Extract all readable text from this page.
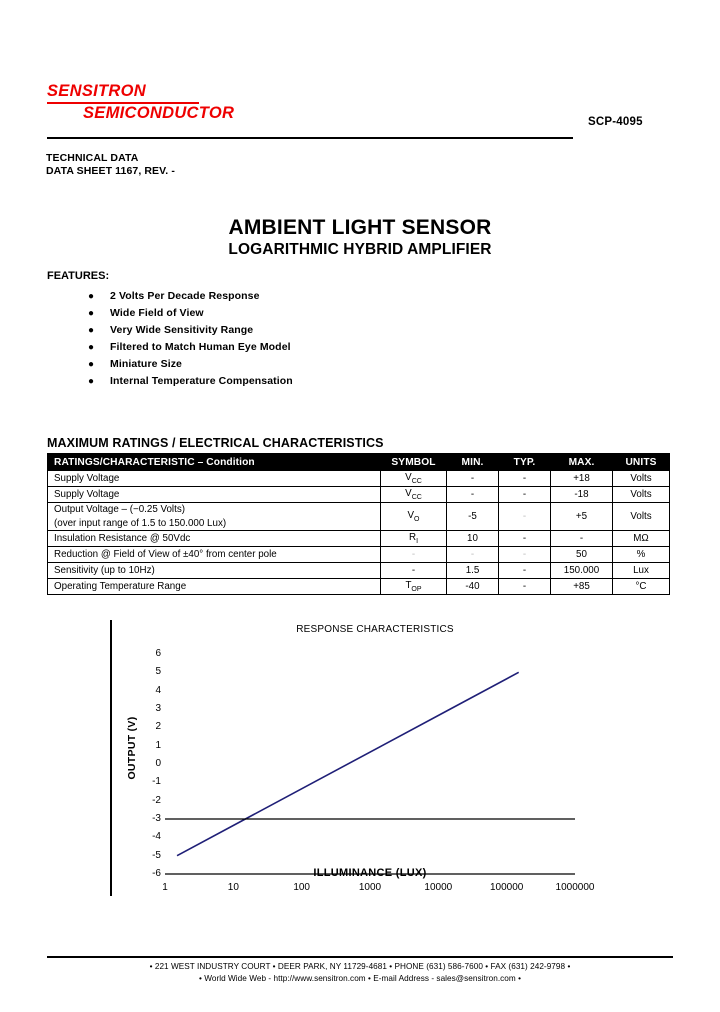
SENSITRON
SEMICONDUCTOR	SCP-4095
TECHNICAL DATA
DATA SHEET 1167, REV. -
AMBIENT LIGHT SENSOR
LOGARITHMIC HYBRID AMPLIFIER
FEATURES:
● 2 Volts Per Decade Response
● Wide Field of View
● Very Wide Sensitivity Range
● Filtered to Match Human Eye Model
● Miniature Size
● Internal Temperature Compensation
MAXIMUM RATINGS / ELECTRICAL CHARACTERISTICS
RATINGS/CHARACTERISTIC – Condition	SYMBOL	MIN.	TYP.	MAX.	UNITS
Supply Voltage	$V_{CC}$	-	-	+18	Volts
Supply Voltage	$V_{CC}$	-	-	-18	Volts

Output Voltage – (−0.25 Volts)
(over input range of 1.5 to 150.000 Lux)	$V_O$	-5	-	+5	Volts
Insulation Resistance @ 50Vdc	$R_I$	10	-	-	MΩ
Reduction @ Field of View of ±40° from center pole	-	-	-	50	%
Sensitivity (up to 10Hz)	-	1.5	-	150.000	Lux
Operating Temperature Range	$T_{OP}$	-40	-	+85	°C
RESPONSE CHARACTERISTICS
OUTPUT (V)
6
5
4
3
2
1
0
-1
-2
-3
-4
-5
-6
1	10	100	1000	10000	100000	1000000
ILLUMINANCE (LUX)
• 221 WEST INDUSTRY COURT • DEER PARK, NY 11729-4681 • PHONE (631) 586-7600 • FAX (631) 242-9798 •
• World Wide Web - http://www.sensitron.com • E-mail Address - sales@sensitron.com •
